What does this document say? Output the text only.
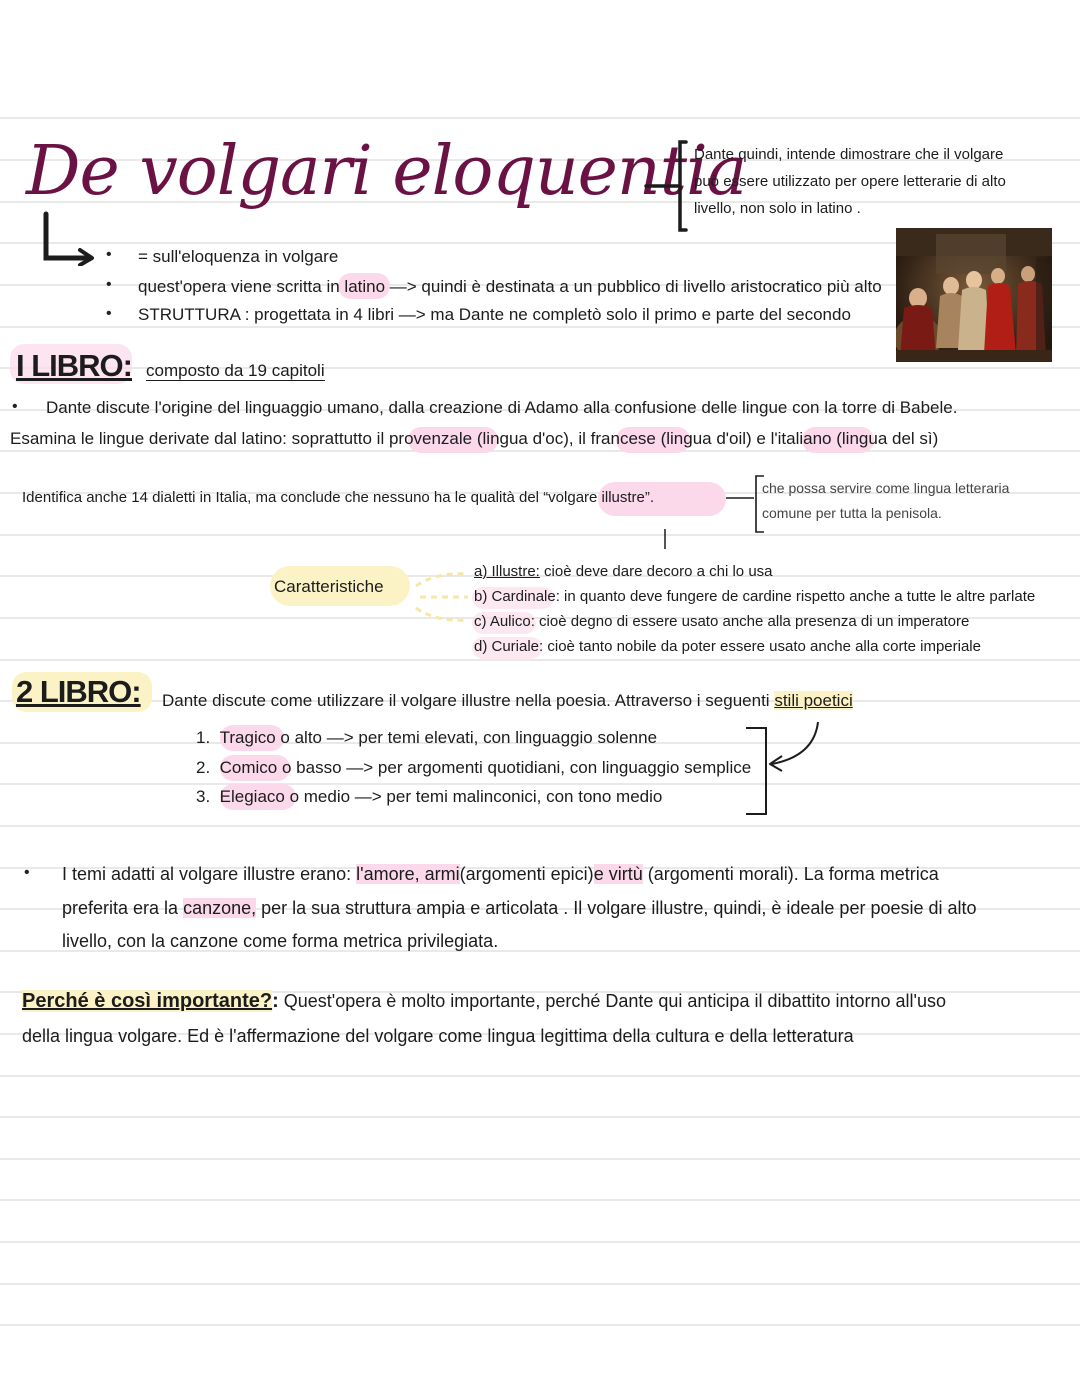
De volgari eloquentia
Dante quindi, intende dimostrare che il volgare
può essere utilizzato per opere letterarie di alto
livello, non solo in latino .
• = sull'eloquenza in volgare
• quest'opera viene scritta in latino —> quindi è destinata a un pubblico di livello aristocratico più alto
• STRUTTURA : progettata in 4 libri —> ma Dante ne completò solo il primo e parte del secondo
I LIBRO: composto da 19 capitoli
• Dante discute l'origine del linguaggio umano, dalla creazione di Adamo alla confusione delle lingue con la torre di Babele.
Esamina le lingue derivate dal latino: soprattutto il provenzale (lingua d'oc), il francese (lingua d'oil) e l'italiano (lingua del sì)
Identifica anche 14 dialetti in Italia, ma conclude che nessuno ha le qualità del “volgare illustre”.
che possa servire come lingua letteraria
comune per tutta la penisola.
Caratteristiche
a) Illustre: cioè deve dare decoro a chi lo usa
b) Cardinale: in quanto deve fungere de cardine rispetto anche a tutte le altre parlate
c) Aulico: cioè degno di essere usato anche alla presenza di un imperatore
d) Curiale: cioè tanto nobile da poter essere usato anche alla corte imperiale
2 LIBRO: Dante discute come utilizzare il volgare illustre nella poesia. Attraverso i seguenti stili poetici
1. Tragico o alto —> per temi elevati, con linguaggio solenne
2. Comico o basso —> per argomenti quotidiani, con linguaggio semplice
3. Elegiaco o medio —> per temi malinconici, con tono medio
• I temi adatti al volgare illustre erano: l'amore, armi(argomenti epici)e virtù (argomenti morali). La forma metrica
preferita era la canzone, per la sua struttura ampia e articolata . Il volgare illustre, quindi, è ideale per poesie di alto
livello, con la canzone come forma metrica privilegiata.
Perché è così importante?: Quest'opera è molto importante, perché Dante qui anticipa il dibattito intorno all'uso
della lingua volgare. Ed è l'affermazione del volgare come lingua legittima della cultura e della letteratura
